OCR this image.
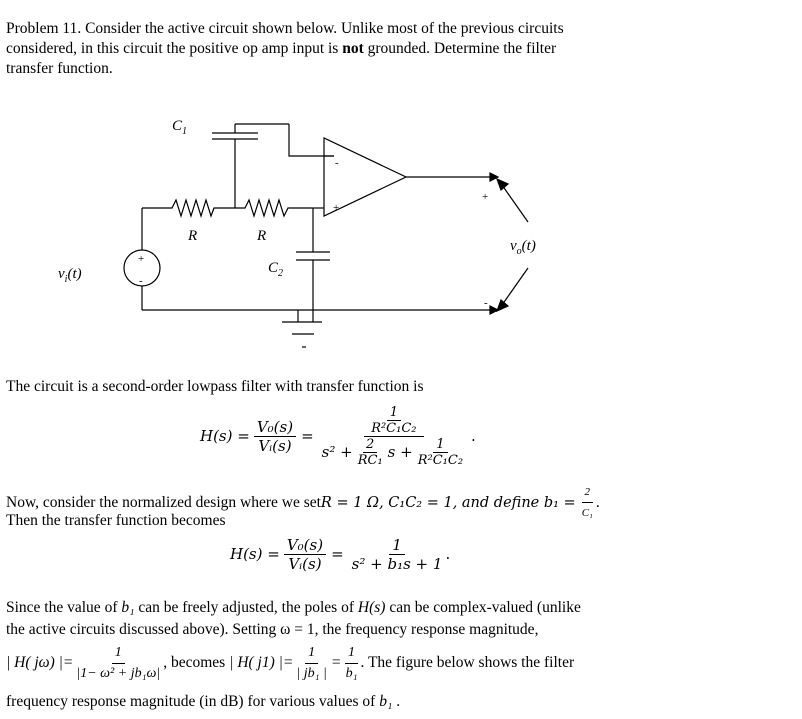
Problem 11. Consider the active circuit shown below. Unlike most of the previous circuits
considered, in this circuit the positive op amp input is not grounded. Determine the filter
transfer function.
$C_1$
R	R
$C_2$
$v_i(t)$
$v_o(t)$
+
-
-
+
+
-
The circuit is a second-order lowpass filter with transfer function is
$H(s) = \frac{\text{V₀(s)}}{\text{Vᵢ(s)}}$ =
$\frac{1}{\text{R²C₁C₂}}$
$s^2 + \frac{2}{\text{RC₁}}$ $s + \frac{1}{\text{R²C₁C₂}}$
.
Now, consider the normalized design where we set R = 1 Ω, C₁C₂ = 1, and define $b_1 = \frac{2}{\text{C₁}}$ .
Then the transfer function becomes
$H(s) = \frac{\text{V₀(s)}}{\text{Vᵢ(s)}} = \frac{1}{\text{s² + b₁s + 1}}$ .
Since the value of b₁ can be freely adjusted, the poles of H(s) can be complex-valued (unlike
the active circuits discussed above). Setting ω = 1, the frequency response magnitude,
| H( jω) |= $\frac{1}{\text{|1− ω² + jb₁ω|}}$ , becomes | H( j1) |= $\frac{1}{\text{| jb₁ |}} = \frac{1}{\text{b₁}}$ . The figure below shows the filter
frequency response magnitude (in dB) for various values of b₁ .
